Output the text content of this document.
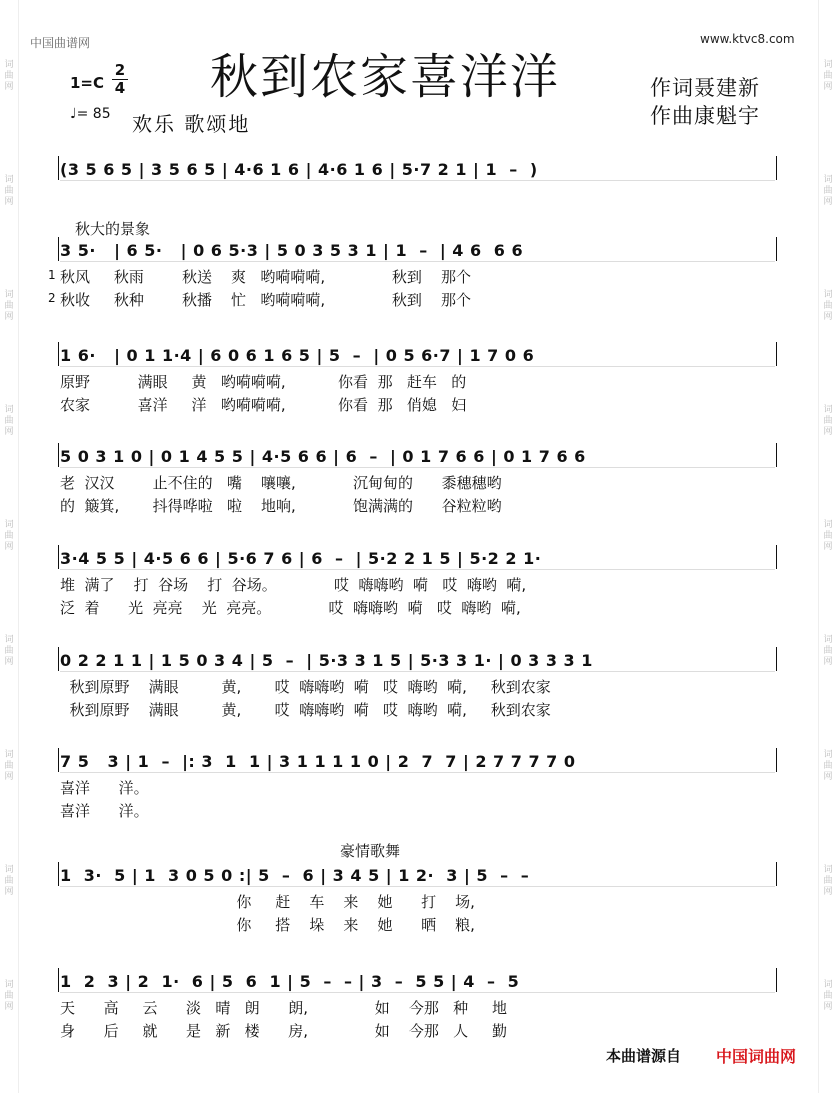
中国曲谱网	www.ktvc8.com
秋到农家喜洋洋
1=C
2
4
♩= 85 欢乐 歌颂地
作词聂建新
作曲康魁宇
秋大的景象
豪情歌舞
1
2
(3 5 6 5 | 3 5 6 5 | 4·6 1 6 | 4·6 1 6 | 5·7 2 1 | 1  –  )
3 5·   | 6 5·   | 0 6 5·3 | 5 0 3 5 3 1 | 1  –  | 4 6  6 6
秋风     秋雨        秋送    爽   哟嗬嗬嗬,              秋到    那个
秋收     秋种        秋播    忙   哟嗬嗬嗬,              秋到    那个
1 6·   | 0 1 1·4 | 6 0 6 1 6 5 | 5  –  | 0 5 6·7 | 1 7 0 6
原野          满眼     黄   哟嗬嗬嗬,           你看  那   赶车   的
农家          喜洋     洋   哟嗬嗬嗬,           你看  那   俏媳   妇
5 0 3 1 0 | 0 1 4 5 5 | 4·5 6 6 | 6  –  | 0 1 7 6 6 | 0 1 7 6 6
老  汉汉        止不住的   嘴    嚷嚷,            沉甸甸的      黍穗穗哟
的  簸箕,       抖得哗啦   啦    地响,            饱满满的      谷粒粒哟
3·4 5 5 | 4·5 6 6 | 5·6 7 6 | 6  –  | 5·2 2 1 5 | 5·2 2 1·
堆  满了    打  谷场    打  谷场。            哎  嗨嗨哟  嗬   哎  嗨哟  嗬,
泛  着      光  亮亮    光  亮亮。            哎  嗨嗨哟  嗬   哎  嗨哟  嗬,
0 2 2 1 1 | 1 5 0 3 4 | 5  –  | 5·3 3 1 5 | 5·3 3 1· | 0 3 3 3 1
秋到原野    满眼         黄,       哎  嗨嗨哟  嗬   哎  嗨哟  嗬,     秋到农家
秋到原野    满眼         黄,       哎  嗨嗨哟  嗬   哎  嗨哟  嗬,     秋到农家
7 5   3 | 1  –  |: 3  1  1 | 3 1 1 1 1 0 | 2  7  7 | 2 7 7 7 7 0
喜洋      洋。
喜洋      洋。
1  3·  5 | 1  3 0 5 0 :| 5  –  6 | 3 4 5 | 1 2·  3 | 5  –  –
你     赶    车    来    她      打    场,
你     搭    垛    来    她      晒    粮,
1  2  3 | 2  1·  6 | 5  6  1 | 5  –  – | 3  –  5 5 | 4  –  5
天      高     云      淡   晴   朗      朗,              如    今那   种     地
身      后     就      是   新   楼      房,              如    今那   人     勤
本曲谱源自 中国词曲网
词
曲
网
词
曲
网
词
曲
网
词
曲
网
词
曲
网
词
曲
网
词
曲
网
词
曲
网
词
曲
网
词
曲
网
词
曲
网
词
曲
网
词
曲
网
词
曲
网
词
曲
网
词
曲
网
词
曲
网
词
曲
网
